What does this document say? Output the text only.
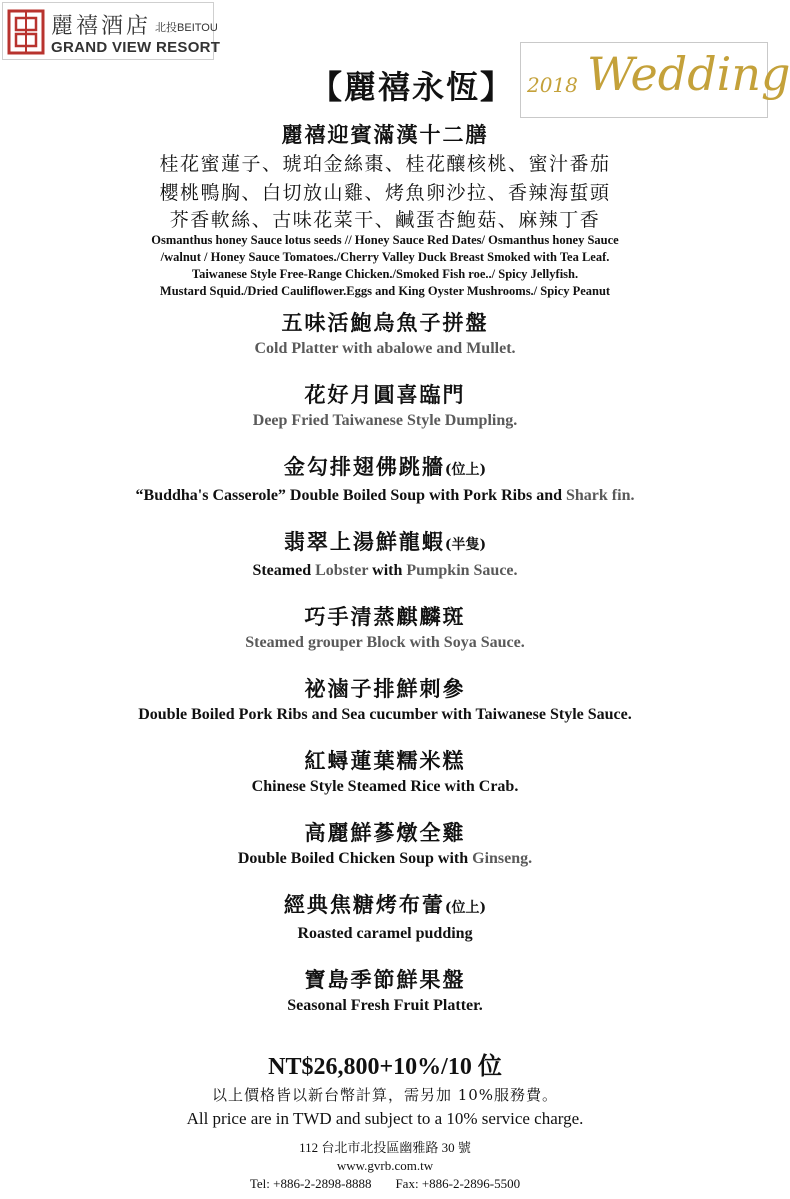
麗禧酒店 北投BEITOU
GRAND VIEW RESORT
【麗禧永恆】 2018 Wedding
麗禧迎賓滿漢十二膳
桂花蜜蓮子、琥珀金絲棗、桂花釀核桃、蜜汁番茄
櫻桃鴨胸、白切放山雞、烤魚卵沙拉、香辣海蜇頭
芥香軟絲、古味花菜干、鹹蛋杏鮑菇、麻辣丁香
Osmanthus honey Sauce lotus seeds // Honey Sauce Red Dates/ Osmanthus honey Sauce
/walnut / Honey Sauce Tomatoes./Cherry Valley Duck Breast Smoked with Tea Leaf.
Taiwanese Style Free-Range Chicken./Smoked Fish roe../ Spicy Jellyfish.
Mustard Squid./Dried Cauliflower.Eggs and King Oyster Mushrooms./ Spicy Peanut
五味活鮑烏魚子拼盤
Cold Platter with abalowe and Mullet.
花好月圓喜臨門
Deep Fried Taiwanese Style Dumpling.
金勾排翅佛跳牆(位上)
“Buddha's Casserole” Double Boiled Soup with Pork Ribs and Shark fin.
翡翠上湯鮮龍蝦(半隻)
Steamed Lobster with Pumpkin Sauce.
巧手清蒸麒麟斑
Steamed grouper Block with Soya Sauce.
祕滷子排鮮刺參
Double Boiled Pork Ribs and Sea cucumber with Taiwanese Style Sauce.
紅蟳蓮葉糯米糕
Chinese Style Steamed Rice with Crab.
高麗鮮蔘燉全雞
Double Boiled Chicken Soup with Ginseng.
經典焦糖烤布蕾(位上)
Roasted caramel pudding
寶島季節鮮果盤
Seasonal Fresh Fruit Platter.
NT$26,800+10%/10 位
以上價格皆以新台幣計算，需另加 10%服務費。
All price are in TWD and subject to a 10% service charge.
112 台北市北投區幽雅路 30 號
www.gvrb.com.tw
Tel: +886-2-2898-8888 Fax: +886-2-2896-5500
